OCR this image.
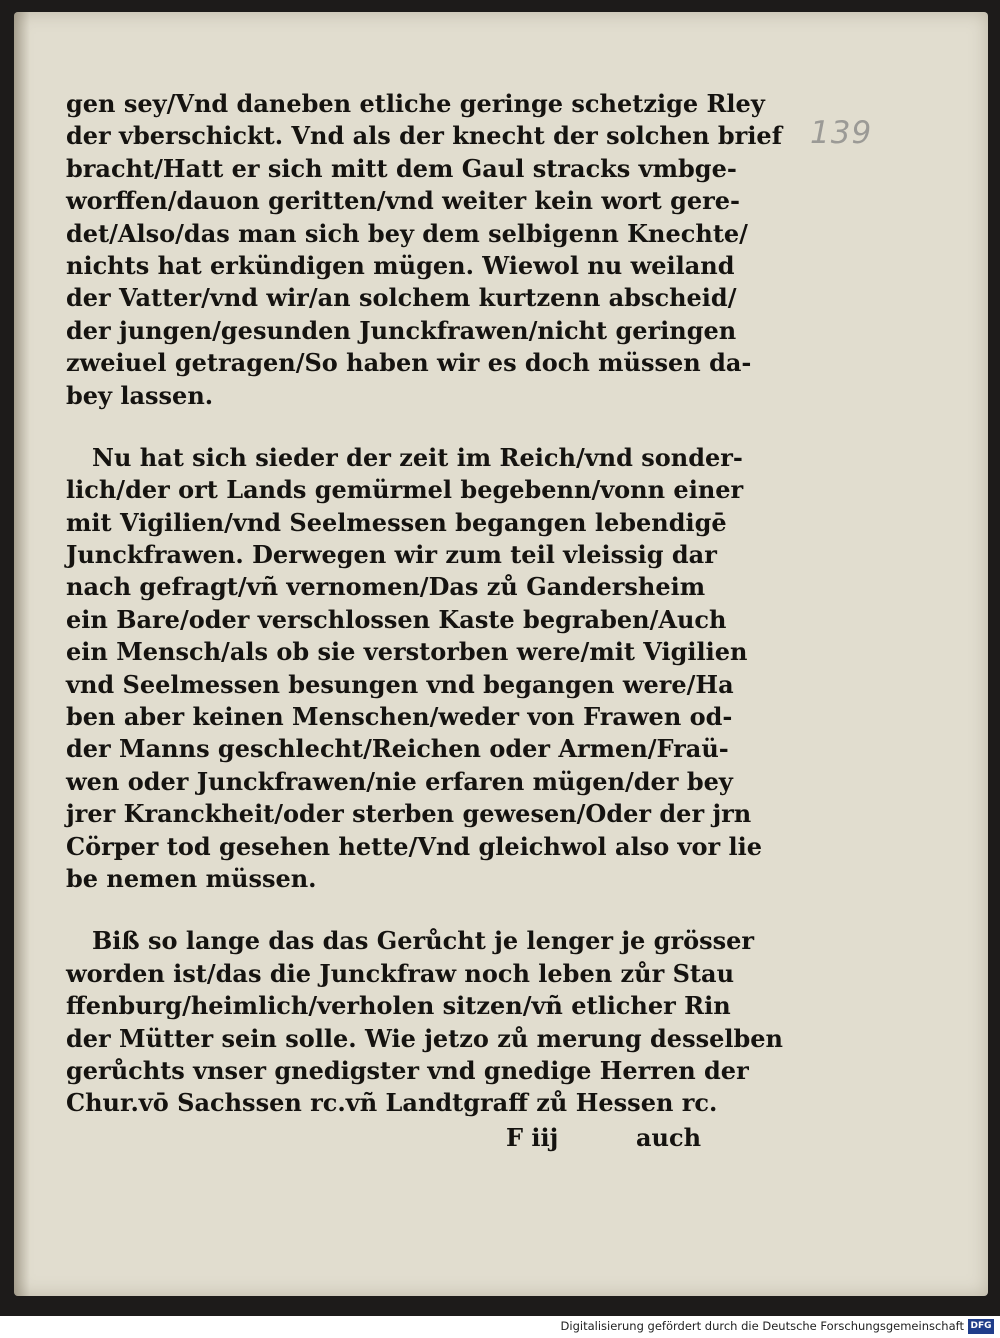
139
gen sey/Vnd daneben etliche geringe schetzige Rley
der vberschickt. Vnd als der knecht der solchen brief
bracht/Hatt er sich mitt dem Gaul stracks vmbge-
worffen/dauon geritten/vnd weiter kein wort gere-
det/Also/das man sich bey dem selbigenn Knechte/
nichts hat erkündigen mügen. Wiewol nu weiland
der Vatter/vnd wir/an solchem kurtzenn abscheid/
der jungen/gesunden Junckfrawen/nicht geringen
zweiuel getragen/So haben wir es doch müssen da-
bey lassen.
Nu hat sich sieder der zeit im Reich/vnd sonder-
lich/der ort Lands gemürmel begebenn/vonn einer
mit Vigilien/vnd Seelmessen begangen lebendigē
Junckfrawen. Derwegen wir zum teil vleissig dar
nach gefragt/vñ vernomen/Das zů Gandersheim
ein Bare/oder verschlossen Kaste begraben/Auch
ein Mensch/als ob sie verstorben were/mit Vigilien
vnd Seelmessen besungen vnd begangen were/Ha
ben aber keinen Menschen/weder von Frawen od-
der Manns geschlecht/Reichen oder Armen/Fraü-
wen oder Junckfrawen/nie erfaren mügen/der bey
jrer Kranckheit/oder sterben gewesen/Oder der jrn
Cörper tod gesehen hette/Vnd gleichwol also vor lie
be nemen müssen.
Biß so lange das das Gerůcht je lenger je grösser
worden ist/das die Junckfraw noch leben zůr Stau
ffenburg/heimlich/verholen sitzen/vñ etlicher Rin
der Mütter sein solle. Wie jetzo zů merung desselben
gerůchts vnser gnedigster vnd gnedige Herren der
Chur.vō Sachssen rc.vñ Landtgraff zů Hessen rc.
F iij	auch
Digitalisierung gefördert durch die Deutsche Forschungsgemeinschaft DFG
